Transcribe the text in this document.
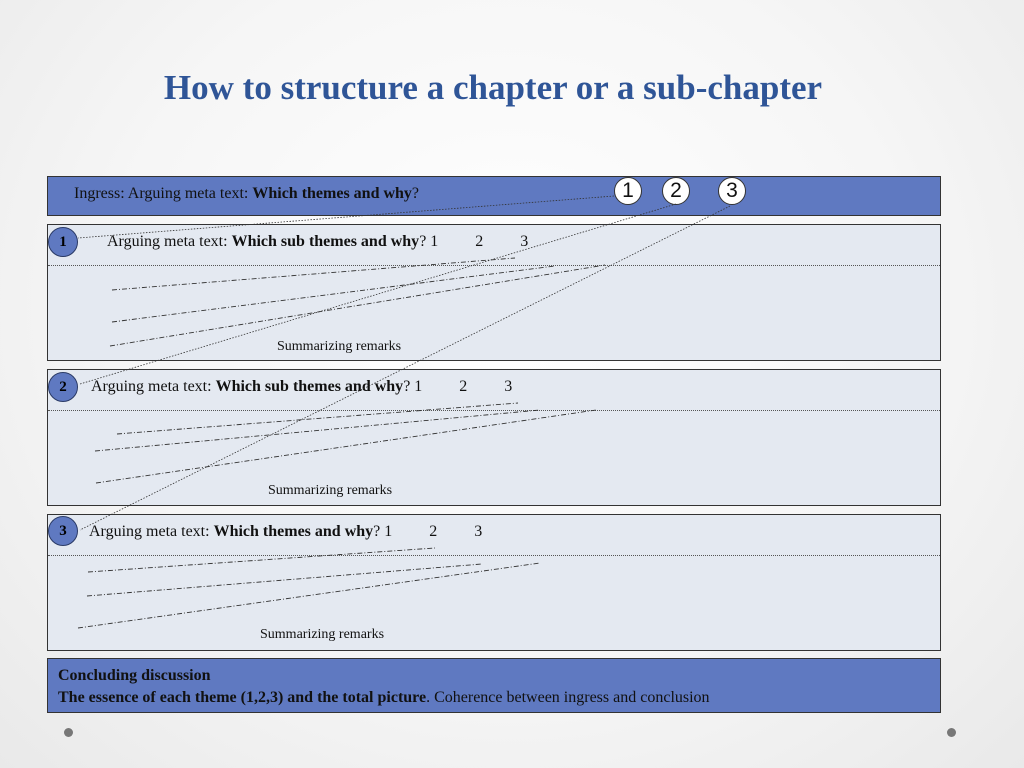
How to structure a chapter or a sub-chapter
Ingress: Arguing meta text: Which themes and why?	1	2	3
Arguing meta text: Which sub themes and why? 1 2 3
Summarizing remarks
1
Arguing meta text: Which sub themes and why? 1 2 3
Summarizing remarks
2
Arguing meta text: Which themes and why? 1 2 3
Summarizing remarks
3
Concluding discussion
The essence of each theme (1,2,3) and the total picture. Coherence between ingress and conclusion
